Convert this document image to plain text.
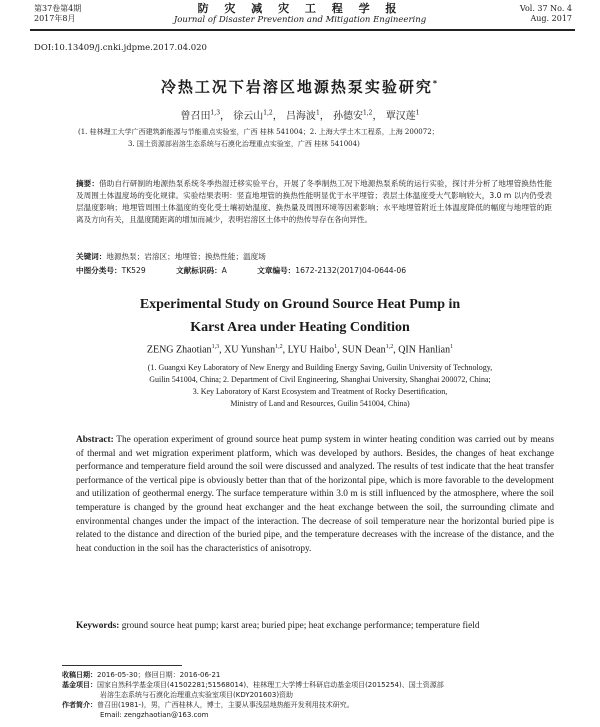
第37卷第4期
2017年8月
防 灾 减 灾 工 程 学 报
Journal of Disaster Prevention and Mitigation Engineering
Vol. 37 No. 4
Aug. 2017
DOI:10.13409/j.cnki.jdpme.2017.04.020
冷热工况下岩溶区地源热泵实验研究*
曾召田$^{1,3}$， 徐云山$^{1,2}$， 吕海波$^1$， 孙德安$^{1,2}$， 覃汉莲$^1$
(1. 桂林理工大学广西建筑新能源与节能重点实验室，广西 桂林 541004；2. 上海大学土木工程系，上海 200072；
3. 国土资源部岩溶生态系统与石漠化治理重点实验室，广西 桂林 541004)
摘要：借助自行研制的地源热泵系统冬季热湿迁移实验平台，开展了冬季制热工况下地源热泵系统的运行实验，探讨并分析了地埋管换热性能及周围土体温度场的变化规律。实验结果表明：竖直地埋管的换热性能明显优于水平埋管；表层土体温度受大气影响较大，3.0 m 以内仍受表层温度影响；地埋管周围土体温度的变化受土壤初始温度、换热量及周围环境等因素影响；水平地埋管附近土体温度降低的幅度与地埋管的距离及方向有关，且温度随距离的增加而减少，表明岩溶区土体中的热传导存在各向异性。
关键词：地源热泵；岩溶区；地埋管；换热性能；温度场
中图分类号：TK529	文献标识码：A	文章编号：1672-2132(2017)04-0644-06
Experimental Study on Ground Source Heat Pump in
Karst Area under Heating Condition
ZENG Zhaotian$^{1,3}$, XU Yunshan$^{1,2}$, LYU Haibo$^1$, SUN Dean$^{1,2}$, QIN Hanlian$^1$
(1. Guangxi Key Laboratory of New Energy and Building Energy Saving, Guilin University of Technology,
Guilin 541004, China; 2. Department of Civil Engineering, Shanghai University, Shanghai 200072, China;
3. Key Laboratory of Karst Ecosystem and Treatment of Rocky Desertification,
Ministry of Land and Resources, Guilin 541004, China)
Abstract: The operation experiment of ground source heat pump system in winter heating condition was carried out by means of thermal and wet migration experiment platform, which was developed by authors. Besides, the changes of heat exchange performance and temperature field around the soil were discussed and analyzed. The results of test indicate that the heat transfer performance of the vertical pipe is obviously better than that of the horizontal pipe, which is more favorable to the development and utilization of geothermal energy. The surface temperature within 3.0 m is still influenced by the atmosphere, where the soil temperature is changed by the ground heat exchanger and the heat exchange between the soil, the surrounding climate and environmental changes under the impact of the interaction. The decrease of soil temperature near the horizontal buried pipe is related to the distance and direction of the buried pipe, and the temperature decreases with the increase of the distance, and the heat conduction in the soil has the characteristics of anisotropy.
Keywords: ground source heat pump; karst area; buried pipe; heat exchange performance; temperature field
收稿日期：2016-05-30；修回日期：2016-06-21
基金项目：国家自然科学基金项目(41502281;51568014)、桂林理工大学博士科研启动基金项目(2015254)、国土资源部
岩溶生态系统与石漠化治理重点实验室项目(KDY201603)资助
作者简介：曾召田(1981-)，男，广西桂林人，博士，主要从事浅层地热能开发利用技术研究。
Email: zengzhaotian@163.com
